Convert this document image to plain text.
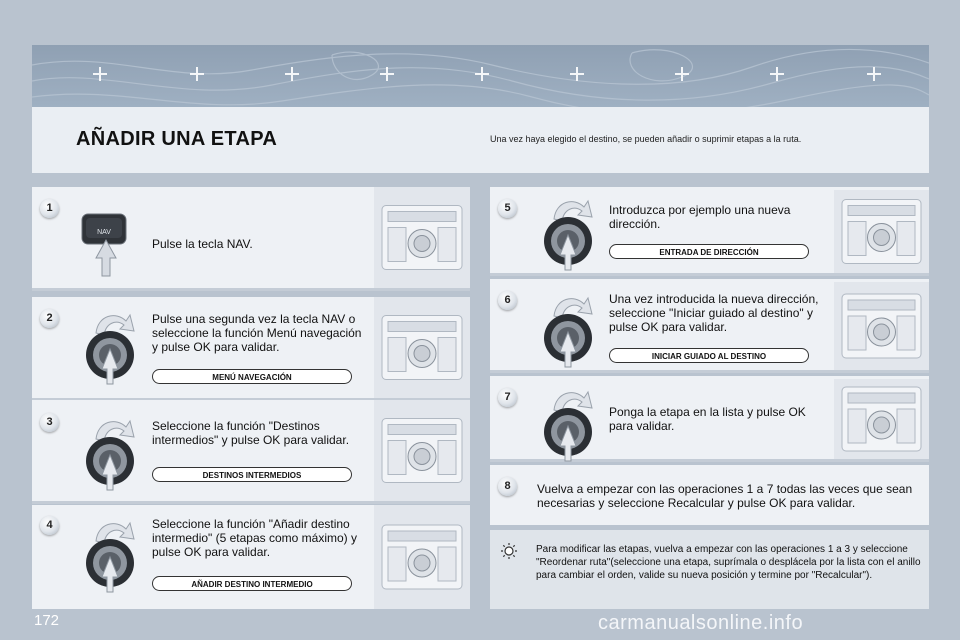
AÑADIR UNA ETAPA	Una vez haya elegido el destino, se pueden añadir o suprimir etapas a la ruta.
1
NAV
Pulse la tecla NAV.
2	Pulse una segunda vez la tecla NAV o seleccione la función Menú navegación y pulse OK para validar.
MENÚ NAVEGACIÓN
3	Seleccione la función "Destinos intermedios" y pulse OK para validar.
DESTINOS INTERMEDIOS
4	Seleccione la función "Añadir destino intermedio" (5 etapas como máximo) y pulse OK para validar.
AÑADIR DESTINO INTERMEDIO
5	Introduzca por ejemplo una nueva dirección.
ENTRADA DE DIRECCIÓN
6	Una vez introducida la nueva dirección, seleccione "Iniciar guiado al destino" y pulse OK para validar.
INICIAR GUIADO AL DESTINO
7
Ponga la etapa en la lista y pulse OK para validar.
8	Vuelva a empezar con las operaciones 1 a 7 todas las veces que sean necesarias y seleccione Recalcular y pulse OK para validar.
Para modificar las etapas, vuelva a empezar con las operaciones 1 a 3 y seleccione "Reordenar ruta"(seleccione una etapa, suprímala o desplácela por la lista con el anillo para cambiar el orden, valide su nueva posición y termine por "Recalcular").
172	carmanualsonline.info
